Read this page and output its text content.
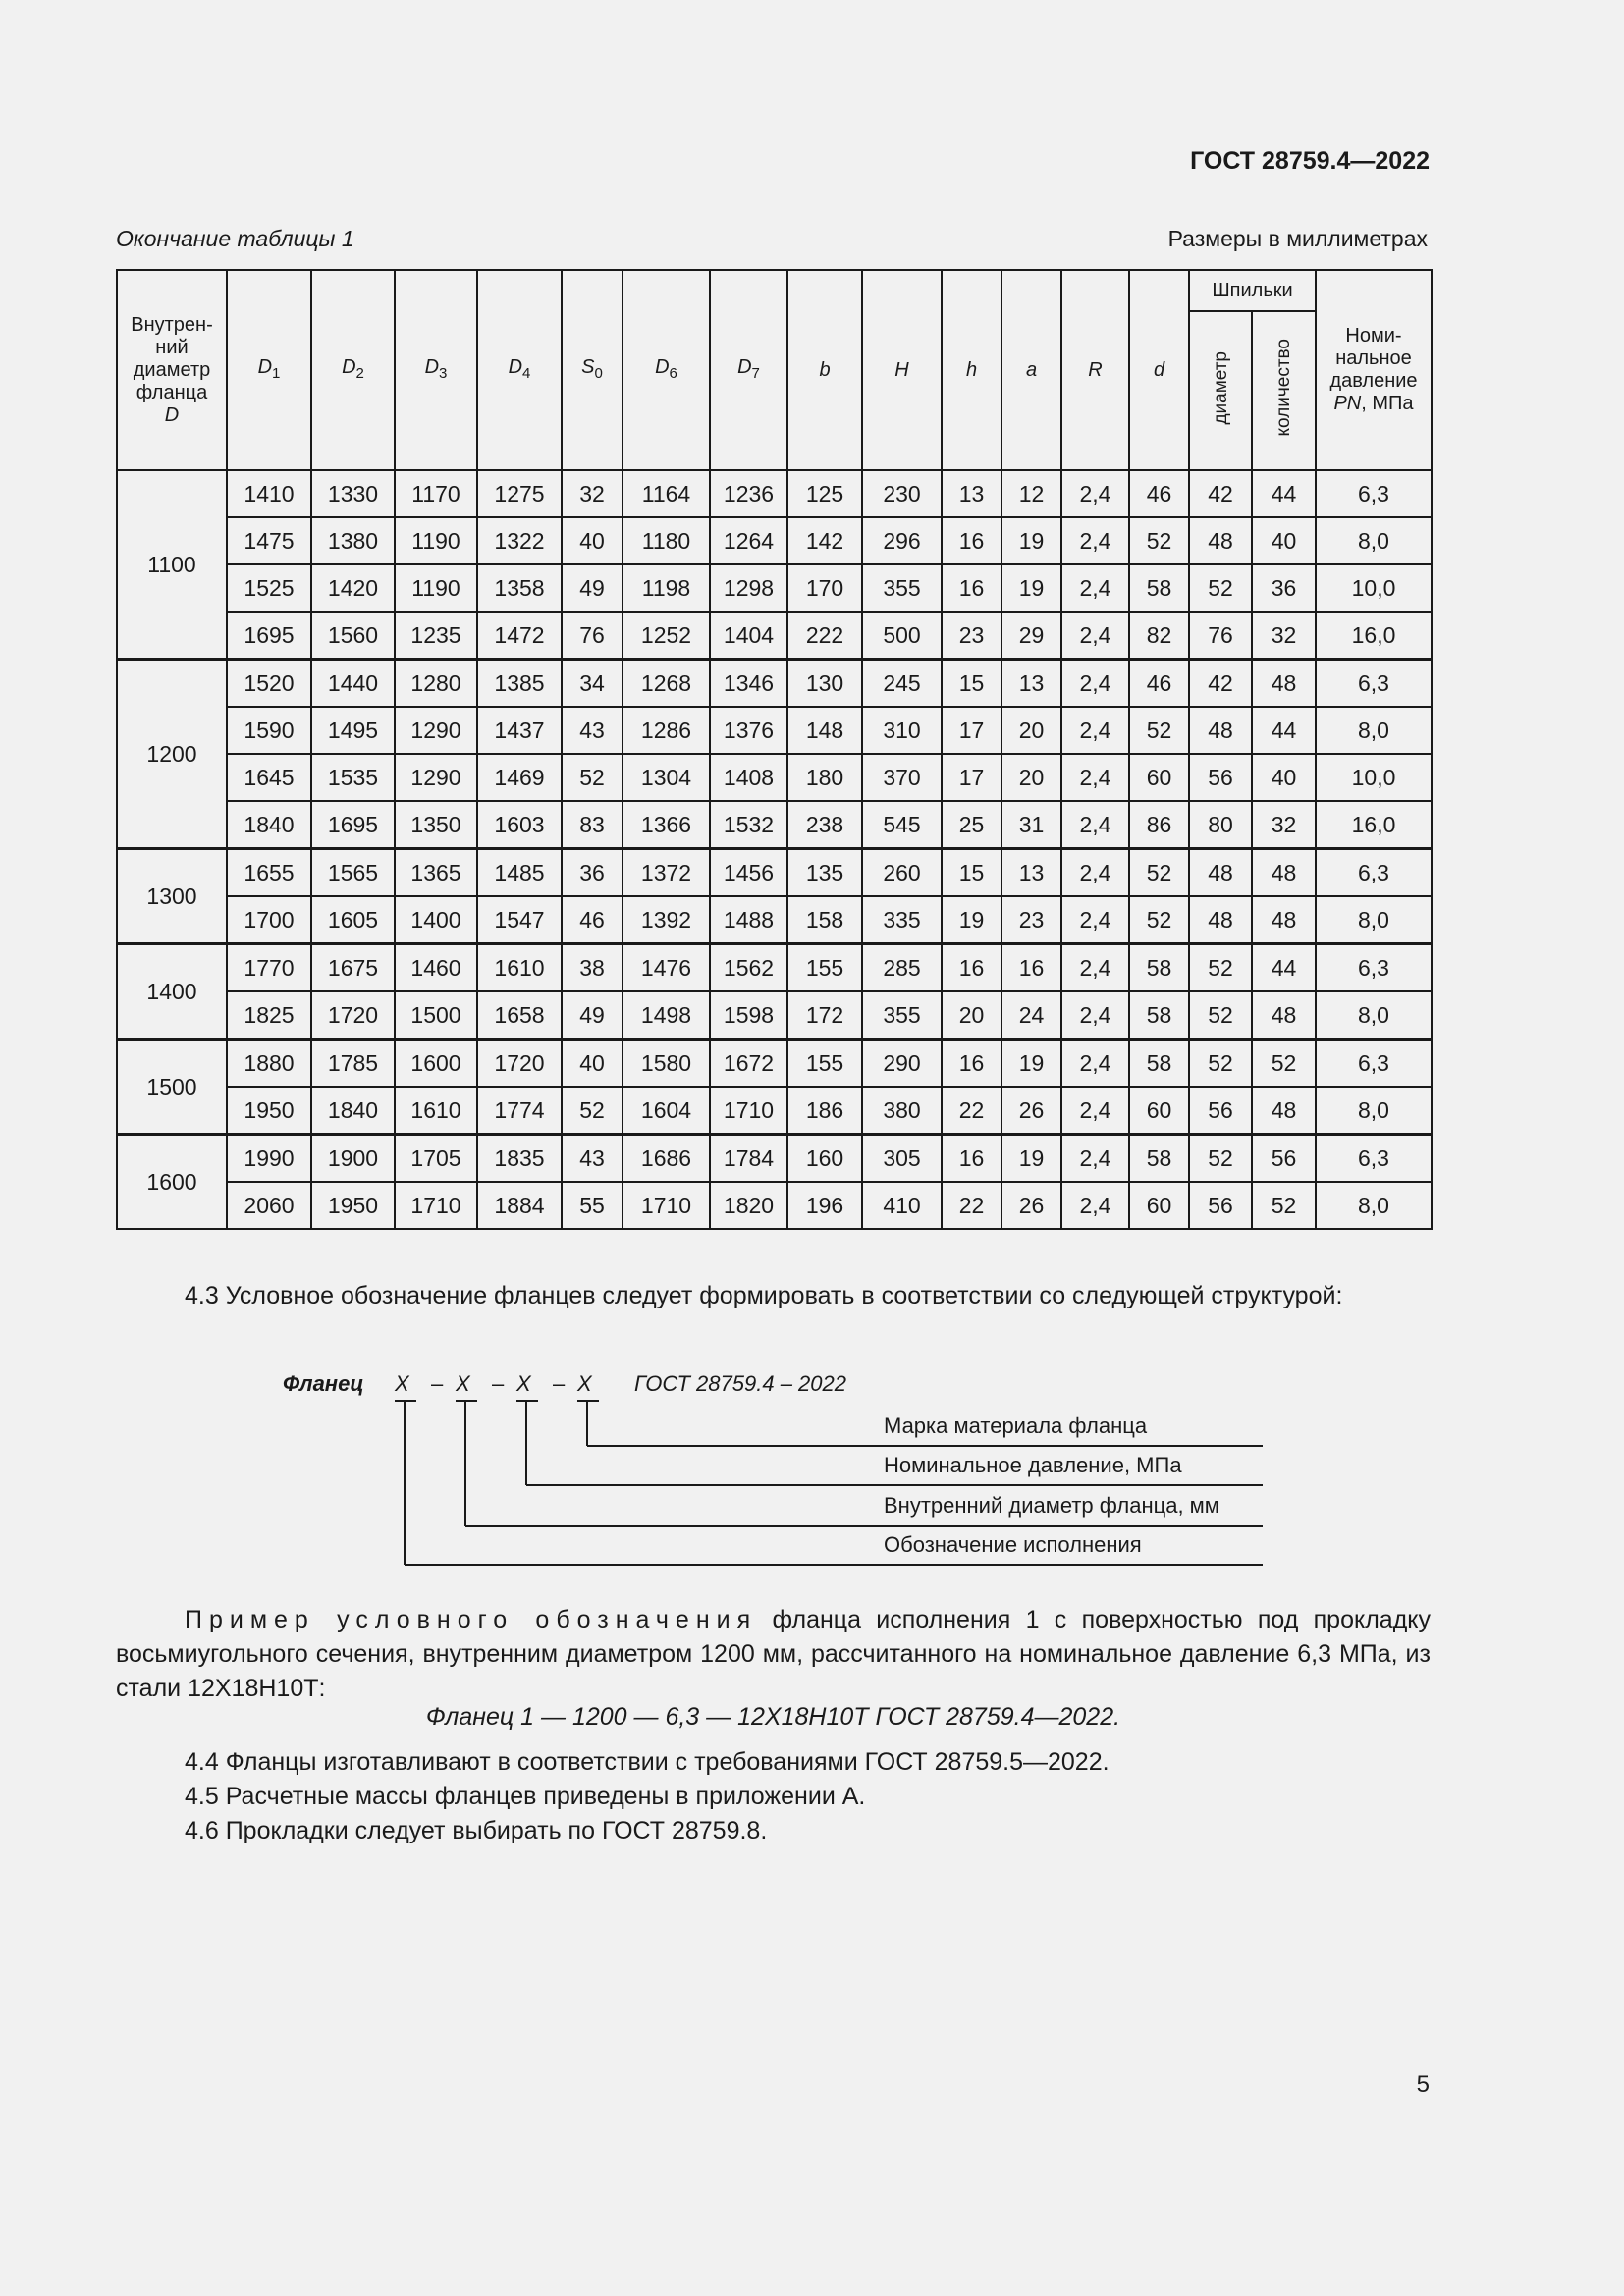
ГОСТ 28759.4—2022
Окончание таблицы 1	Размеры в миллиметрах
Внутрен-
ний
диаметр
фланца
D	$D_1$	$D_2$	$D_3$	$D_4$	$S_0$	$D_6$	$D_7$	b	H	h	a	R	d	Шпильки		Номи-
нальное
давление
PN, МПа
														диаметр	количество	
1100	1410	1330	1170	1275	32	1164	1236	125	230	13	12	2,4	46	42	44	6,3
	1475	1380	1190	1322	40	1180	1264	142	296	16	19	2,4	52	48	40	8,0
	1525	1420	1190	1358	49	1198	1298	170	355	16	19	2,4	58	52	36	10,0
	1695	1560	1235	1472	76	1252	1404	222	500	23	29	2,4	82	76	32	16,0
1200	1520	1440	1280	1385	34	1268	1346	130	245	15	13	2,4	46	42	48	6,3
	1590	1495	1290	1437	43	1286	1376	148	310	17	20	2,4	52	48	44	8,0
	1645	1535	1290	1469	52	1304	1408	180	370	17	20	2,4	60	56	40	10,0
	1840	1695	1350	1603	83	1366	1532	238	545	25	31	2,4	86	80	32	16,0
1300	1655	1565	1365	1485	36	1372	1456	135	260	15	13	2,4	52	48	48	6,3
	1700	1605	1400	1547	46	1392	1488	158	335	19	23	2,4	52	48	48	8,0
1400	1770	1675	1460	1610	38	1476	1562	155	285	16	16	2,4	58	52	44	6,3
	1825	1720	1500	1658	49	1498	1598	172	355	20	24	2,4	58	52	48	8,0
1500	1880	1785	1600	1720	40	1580	1672	155	290	16	19	2,4	58	52	52	6,3
	1950	1840	1610	1774	52	1604	1710	186	380	22	26	2,4	60	56	48	8,0
1600	1990	1900	1705	1835	43	1686	1784	160	305	16	19	2,4	58	52	56	6,3
	2060	1950	1710	1884	55	1710	1820	196	410	22	26	2,4	60	56	52	8,0
4.3 Условное обозначение фланцев следует формировать в соответствии со следующей структурой:
Фланец X – X – X – X ГОСТ 28759.4 – 2022
Марка материала фланца
Номинальное давление, МПа
Внутренний диаметр фланца, мм
Обозначение исполнения
Пример условного обозначения фланца исполнения 1 с поверхностью под прокладку восьмиугольного сечения, внутренним диаметром 1200 мм, рассчитанного на номинальное давление 6,3 МПа, из стали 12Х18Н10Т:
Фланец 1 — 1200 — 6,3 — 12Х18Н10Т ГОСТ 28759.4—2022.
4.4 Фланцы изготавливают в соответствии с требованиями ГОСТ 28759.5—2022.
4.5 Расчетные массы фланцев приведены в приложении А.
4.6 Прокладки следует выбирать по ГОСТ 28759.8.
5
